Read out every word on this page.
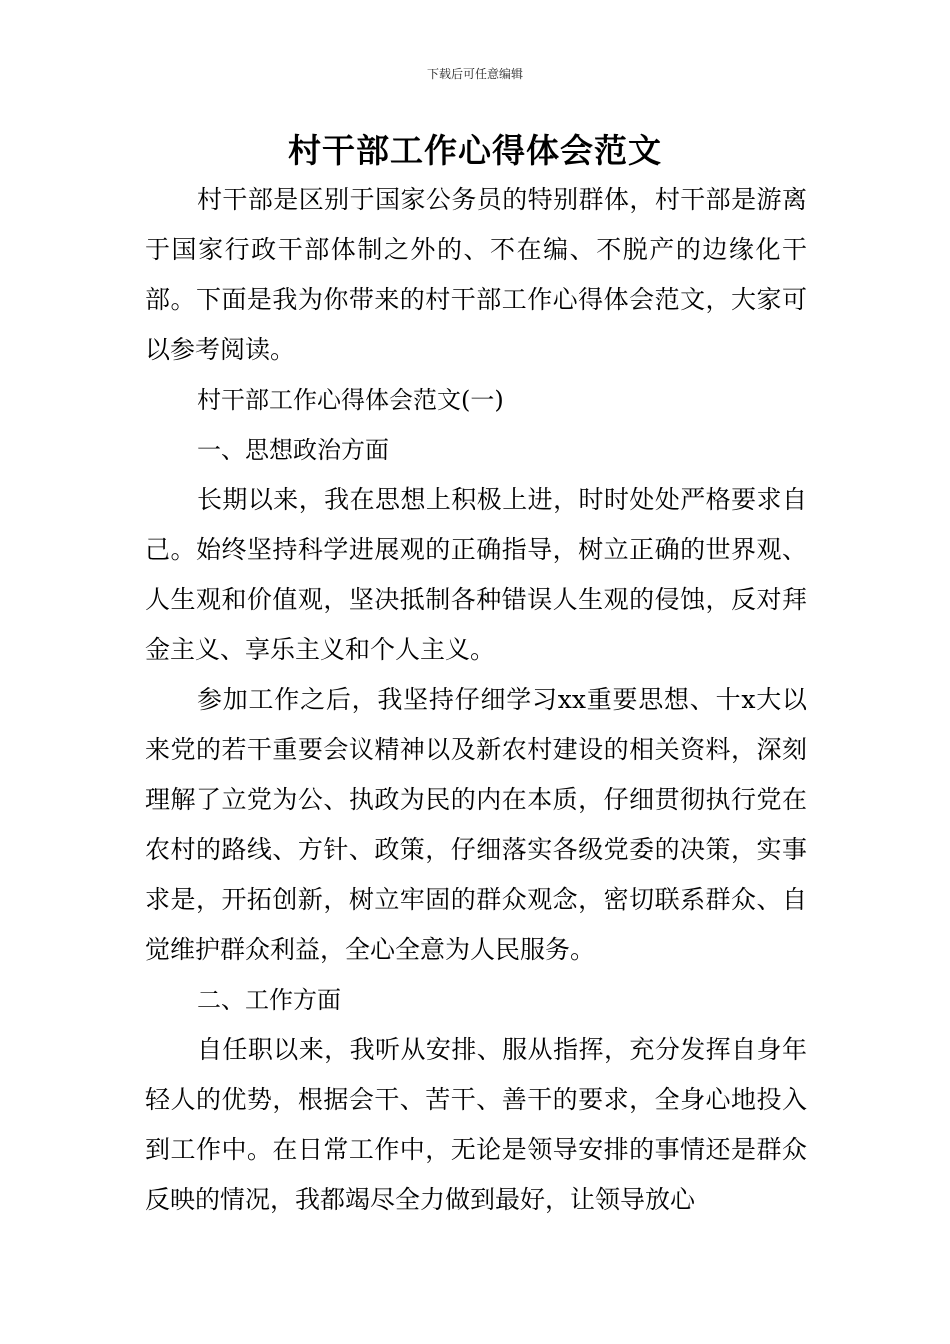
下载后可任意编辑
村干部工作心得体会范文

村干部是区别于国家公务员的特别群体，村干部是游离于国家行政干部体制之外的、不在编、不脱产的边缘化干部。下面是我为你带来的村干部工作心得体会范文，大家可以参考阅读。

村干部工作心得体会范文(一)

一、思想政治方面

长期以来，我在思想上积极上进，时时处处严格要求自己。始终坚持科学进展观的正确指导，树立正确的世界观、人生观和价值观，坚决抵制各种错误人生观的侵蚀，反对拜金主义、享乐主义和个人主义。

参加工作之后，我坚持仔细学习xx重要思想、十x大以来党的若干重要会议精神以及新农村建设的相关资料，深刻理解了立党为公、执政为民的内在本质，仔细贯彻执行党在农村的路线、方针、政策，仔细落实各级党委的决策，实事求是，开拓创新，树立牢固的群众观念，密切联系群众、自觉维护群众利益，全心全意为人民服务。

二、工作方面

自任职以来，我听从安排、服从指挥，充分发挥自身年轻人的优势，根据会干、苦干、善干的要求，全身心地投入到工作中。在日常工作中，无论是领导安排的事情还是群众反映的情况，我都竭尽全力做到最好，让领导放心
